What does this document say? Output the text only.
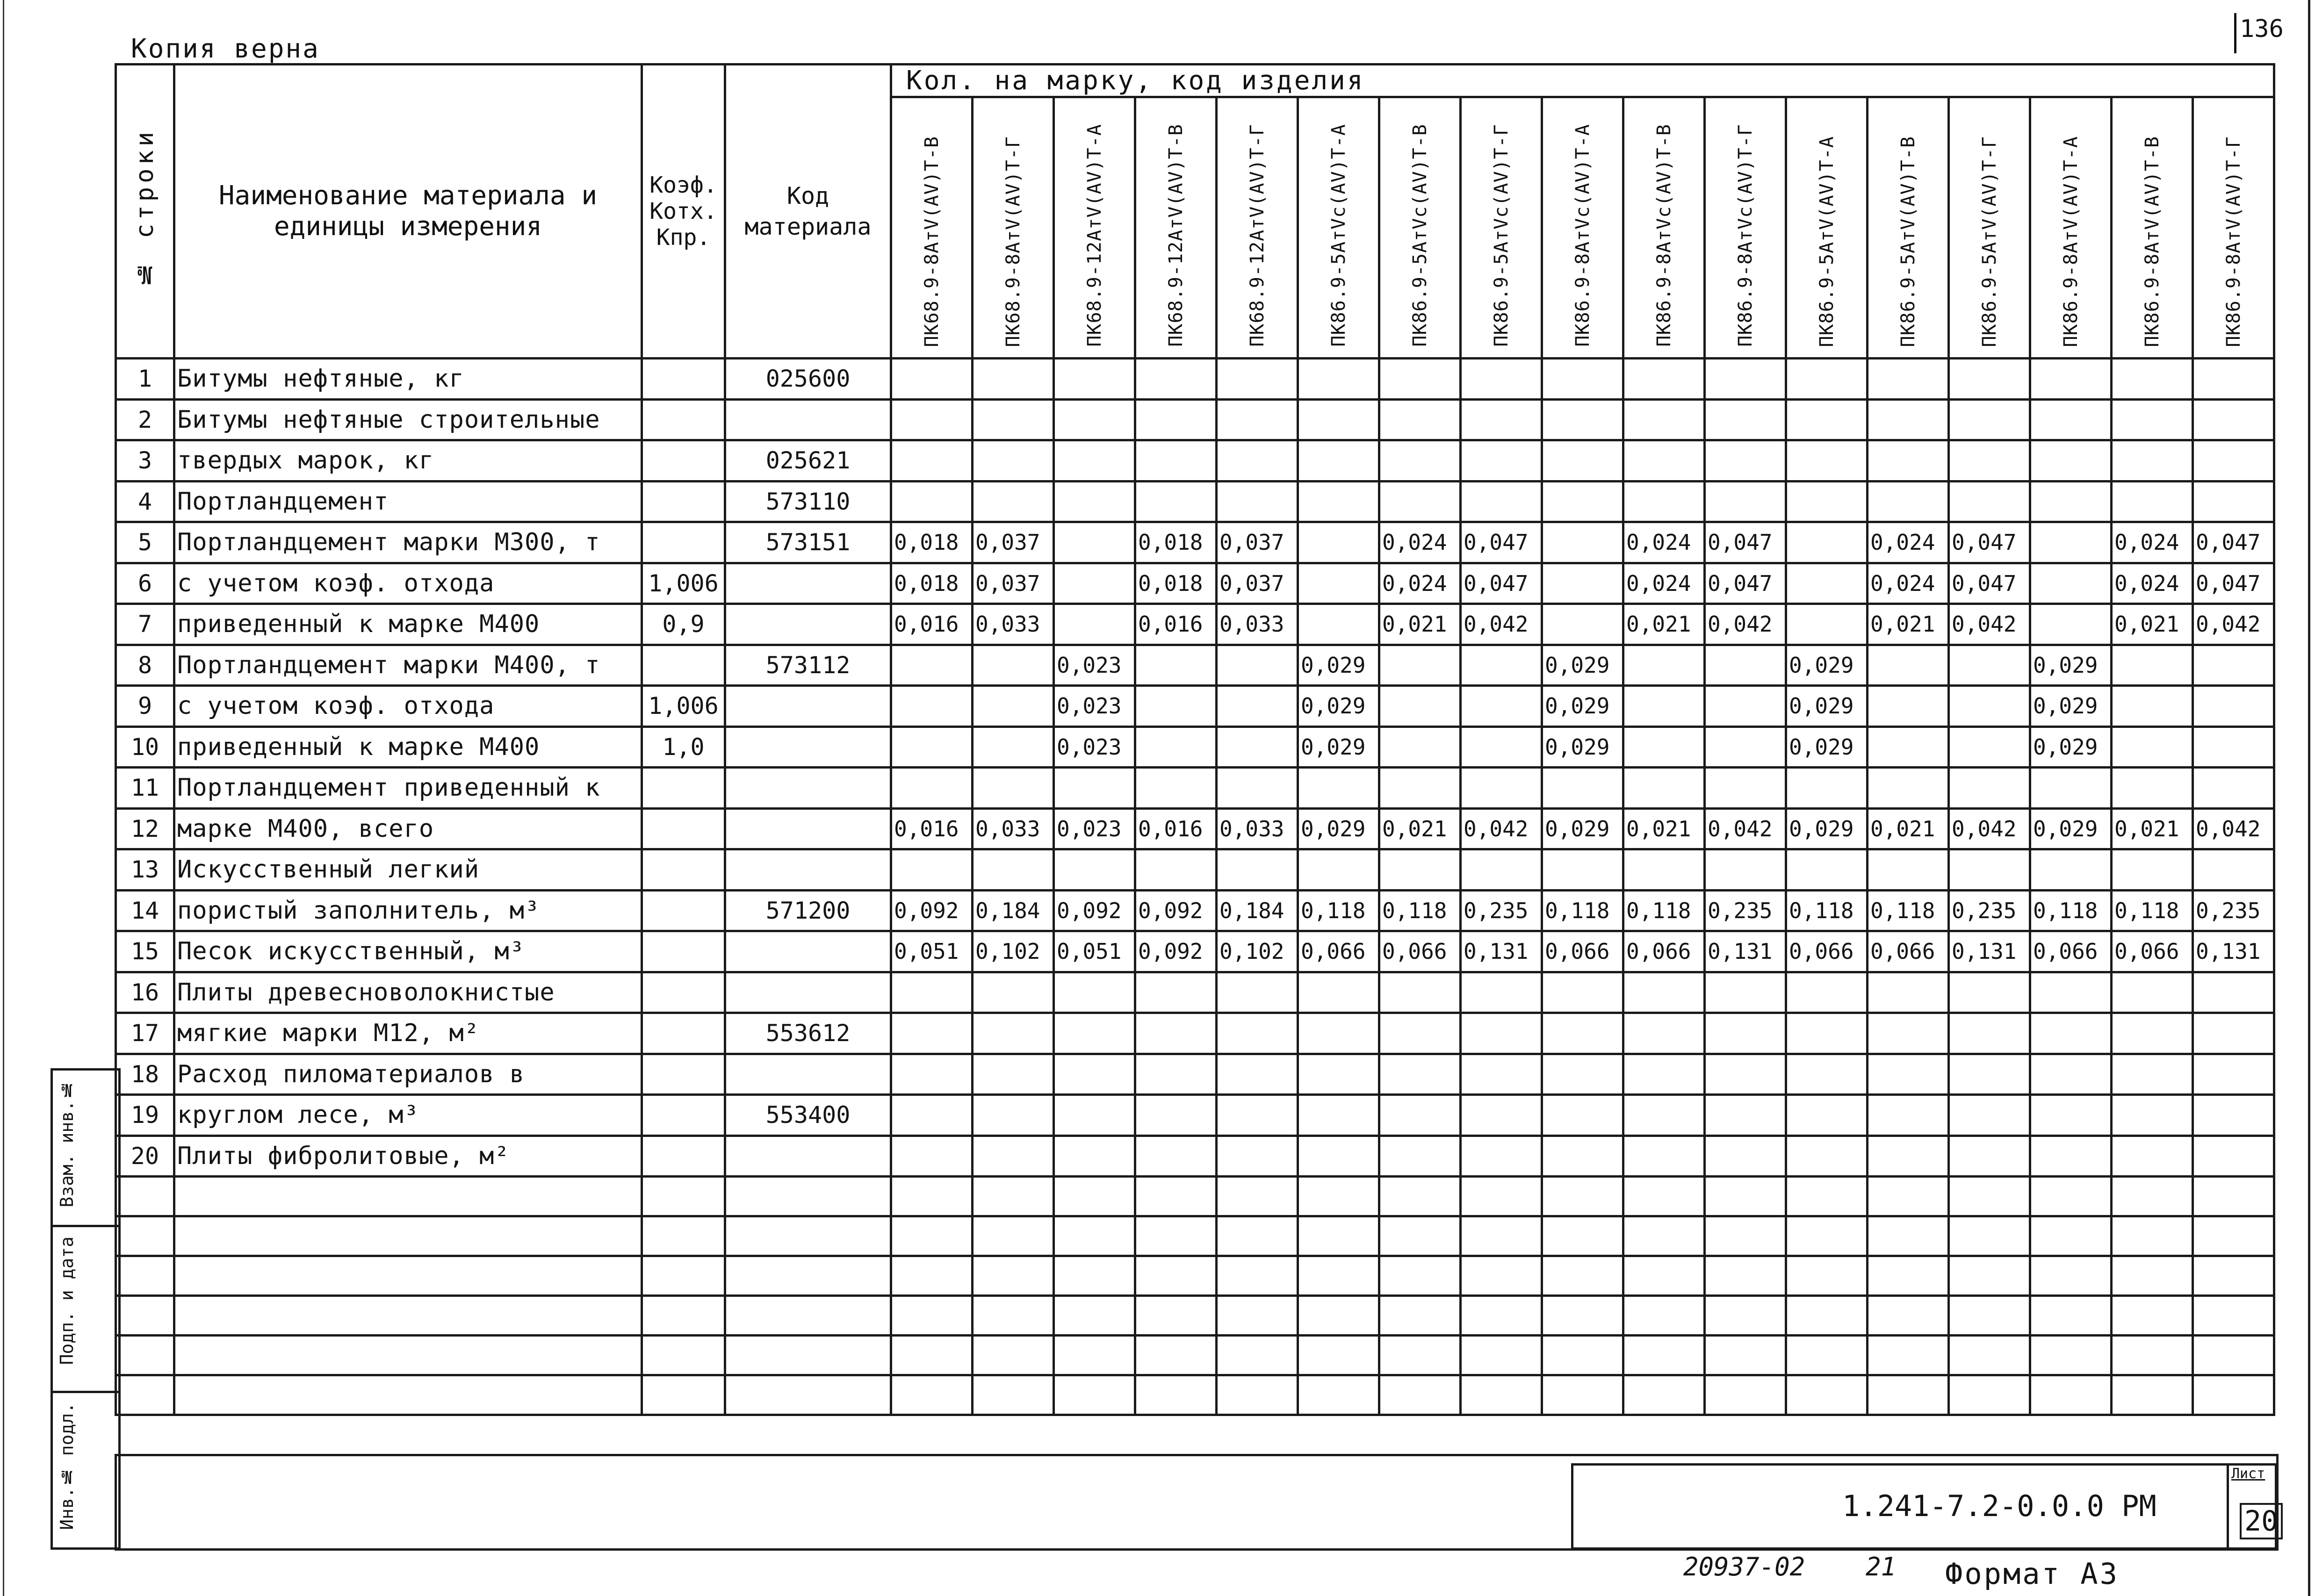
136
Копия верна
№ строки	Наименование материала и единицы измерения	Коэф. Котх. Кпр.	Код материала	Кол. на марку, код изделия																
				ПК68.9-8АтV(AV)Т-В	ПК68.9-8АтV(AV)Т-Г	ПК68.9-12АтV(AV)Т-А	ПК68.9-12АтV(AV)Т-В	ПК68.9-12АтV(AV)Т-Г	ПК86.9-5АтVc(AV)Т-А	ПК86.9-5АтVc(AV)Т-В	ПК86.9-5АтVc(AV)Т-Г	ПК86.9-8АтVc(AV)Т-А	ПК86.9-8АтVc(AV)Т-В	ПК86.9-8АтVc(AV)Т-Г	ПК86.9-5АтV(AV)Т-А	ПК86.9-5АтV(AV)Т-В	ПК86.9-5АтV(AV)Т-Г	ПК86.9-8АтV(AV)Т-А	ПК86.9-8АтV(AV)Т-В	ПК86.9-8АтV(AV)Т-Г
1	Битумы нефтяные, кг		025600																	
2	Битумы нефтяные строительные																			
3	твердых марок, кг		025621																	
4	Портландцемент		573110																	
5	Портландцемент марки М300, т		573151	0,018	0,037		0,018	0,037		0,024	0,047		0,024	0,047		0,024	0,047		0,024	0,047
6	с учетом коэф. отхода	1,006		0,018	0,037		0,018	0,037		0,024	0,047		0,024	0,047		0,024	0,047		0,024	0,047
7	приведенный к марке М400	0,9		0,016	0,033		0,016	0,033		0,021	0,042		0,021	0,042		0,021	0,042		0,021	0,042
8	Портландцемент марки М400, т		573112			0,023			0,029			0,029			0,029			0,029		
9	с учетом коэф. отхода	1,006				0,023			0,029			0,029			0,029			0,029		
10	приведенный к марке М400	1,0				0,023			0,029			0,029			0,029			0,029		
11	Портландцемент приведенный к																			
12	марке М400, всего			0,016	0,033	0,023	0,016	0,033	0,029	0,021	0,042	0,029	0,021	0,042	0,029	0,021	0,042	0,029	0,021	0,042
13	Искусственный легкий																			
14	пористый заполнитель, м³		571200	0,092	0,184	0,092	0,092	0,184	0,118	0,118	0,235	0,118	0,118	0,235	0,118	0,118	0,235	0,118	0,118	0,235
15	Песок искусственный, м³			0,051	0,102	0,051	0,092	0,102	0,066	0,066	0,131	0,066	0,066	0,131	0,066	0,066	0,131	0,066	0,066	0,131
16	Плиты древесноволокнистые																			
17	мягкие марки М12, м²		553612																	
18	Расход пиломатериалов в																			
19	круглом лесе, м³		553400																	
20	Плиты фибролитовые, м²																			

Взам. инв.№
Подп. и дата
Инв.№ подл.	1.241-7.2-0.0.0 РМ
Лист
20
20937-02 21 Формат А3
